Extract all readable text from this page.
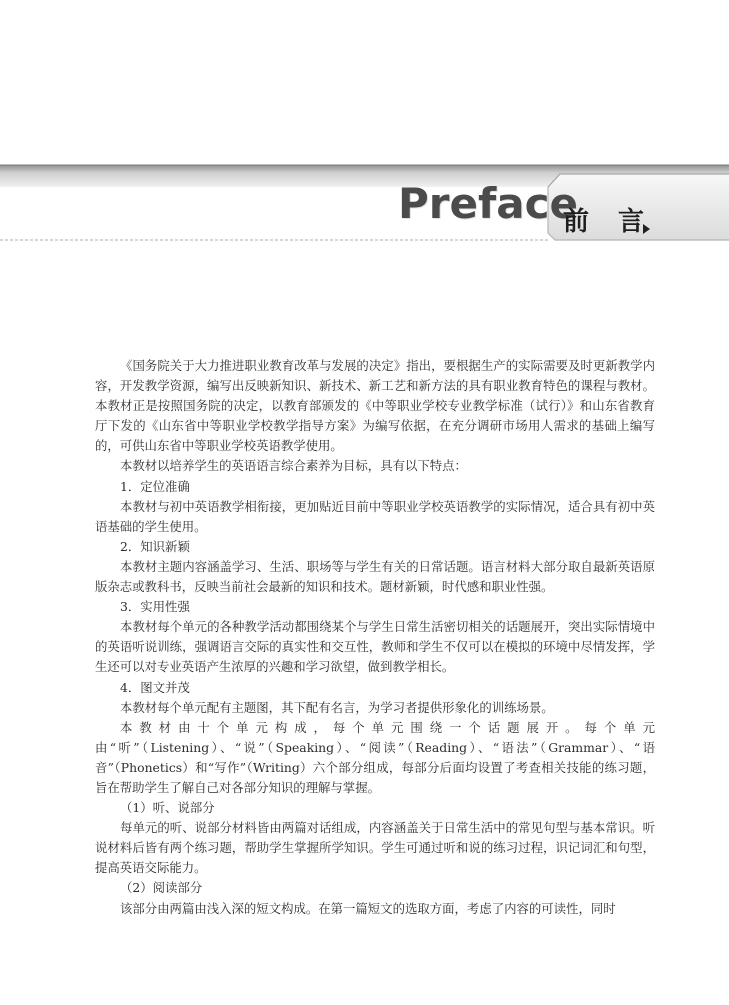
Preface
前 言

《国务院关于大力推进职业教育改革与发展的决定》指出，要根据生产的实际需要及时更新教学内容，开发教学资源，编写出反映新知识、新技术、新工艺和新方法的具有职业教育特色的课程与教材。本教材正是按照国务院的决定，以教育部颁发的《中等职业学校专业教学标准（试行）》和山东省教育厅下发的《山东省中等职业学校教学指导方案》为编写依据，在充分调研市场用人需求的基础上编写的，可供山东省中等职业学校英语教学使用。

本教材以培养学生的英语语言综合素养为目标，具有以下特点：

1．定位准确

本教材与初中英语教学相衔接，更加贴近目前中等职业学校英语教学的实际情况，适合具有初中英语基础的学生使用。

2．知识新颖

本教材主题内容涵盖学习、生活、职场等与学生有关的日常话题。语言材料大部分取自最新英语原版杂志或教科书，反映当前社会最新的知识和技术。题材新颖，时代感和职业性强。

3．实用性强

本教材每个单元的各种教学活动都围绕某个与学生日常生活密切相关的话题展开，突出实际情境中的英语听说训练，强调语言交际的真实性和交互性，教师和学生不仅可以在模拟的环境中尽情发挥，学生还可以对专业英语产生浓厚的兴趣和学习欲望，做到教学相长。

4．图文并茂

本教材每个单元配有主题图，其下配有名言，为学习者提供形象化的训练场景。

本教材由十个单元构成，每个单元围绕一个话题展开。每个单元由“听”（Listening）、“说”（Speaking）、“阅读”（Reading）、“语法”（Grammar）、“语音”（Phonetics）和“写作”（Writing）六个部分组成，每部分后面均设置了考查相关技能的练习题，旨在帮助学生了解自己对各部分知识的理解与掌握。

（1）听、说部分

每单元的听、说部分材料皆由两篇对话组成，内容涵盖关于日常生活中的常见句型与基本常识。听说材料后皆有两个练习题，帮助学生掌握所学知识。学生可通过听和说的练习过程，识记词汇和句型，提高英语交际能力。

（2）阅读部分

该部分由两篇由浅入深的短文构成。在第一篇短文的选取方面，考虑了内容的可读性，同时
